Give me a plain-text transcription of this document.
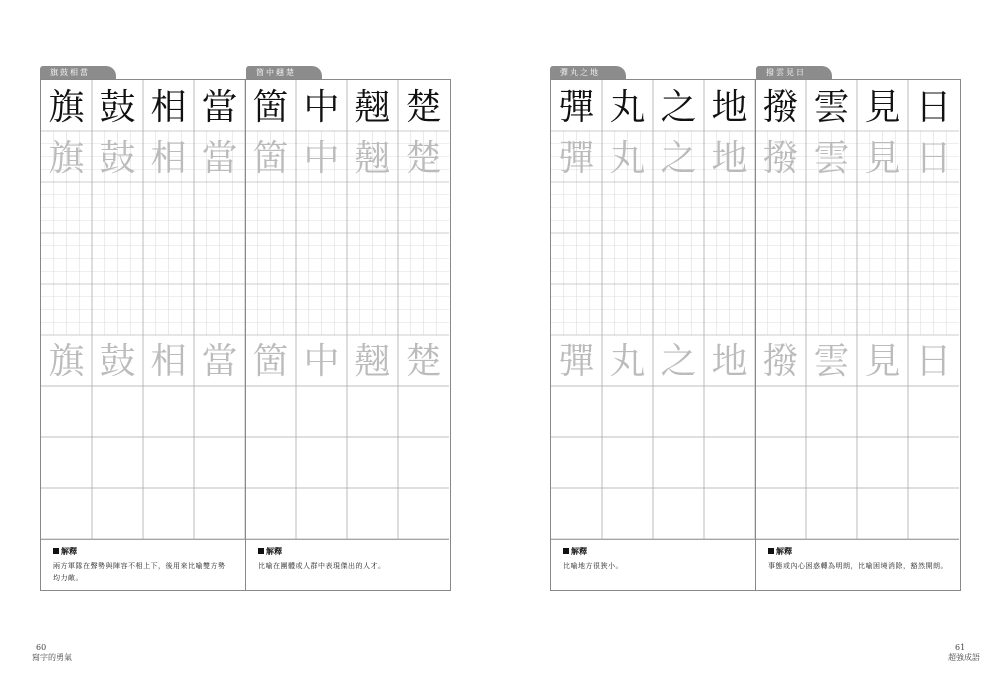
旗鼓相當	箇中翹楚
旗 鼓 相 當
旗 鼓 相 當
旗 鼓 相 當
箇 中 翹 楚
箇 中 翹 楚
箇 中 翹 楚
解釋
兩方軍隊在聲勢與陣容不相上下，後用來比喻雙方勢
均力敵。
解釋
比喻在團體或人群中表現傑出的人才。
彈丸之地	撥雲見日
彈 丸 之 地
彈 丸 之 地
彈 丸 之 地
撥 雲 見 日
撥 雲 見 日
撥 雲 見 日
解釋
比喻地方很狹小。
解釋
事態或內心困惑轉為明朗，比喻困境消除，豁然開朗。
60
寫字的勇氣
61
超強成語
